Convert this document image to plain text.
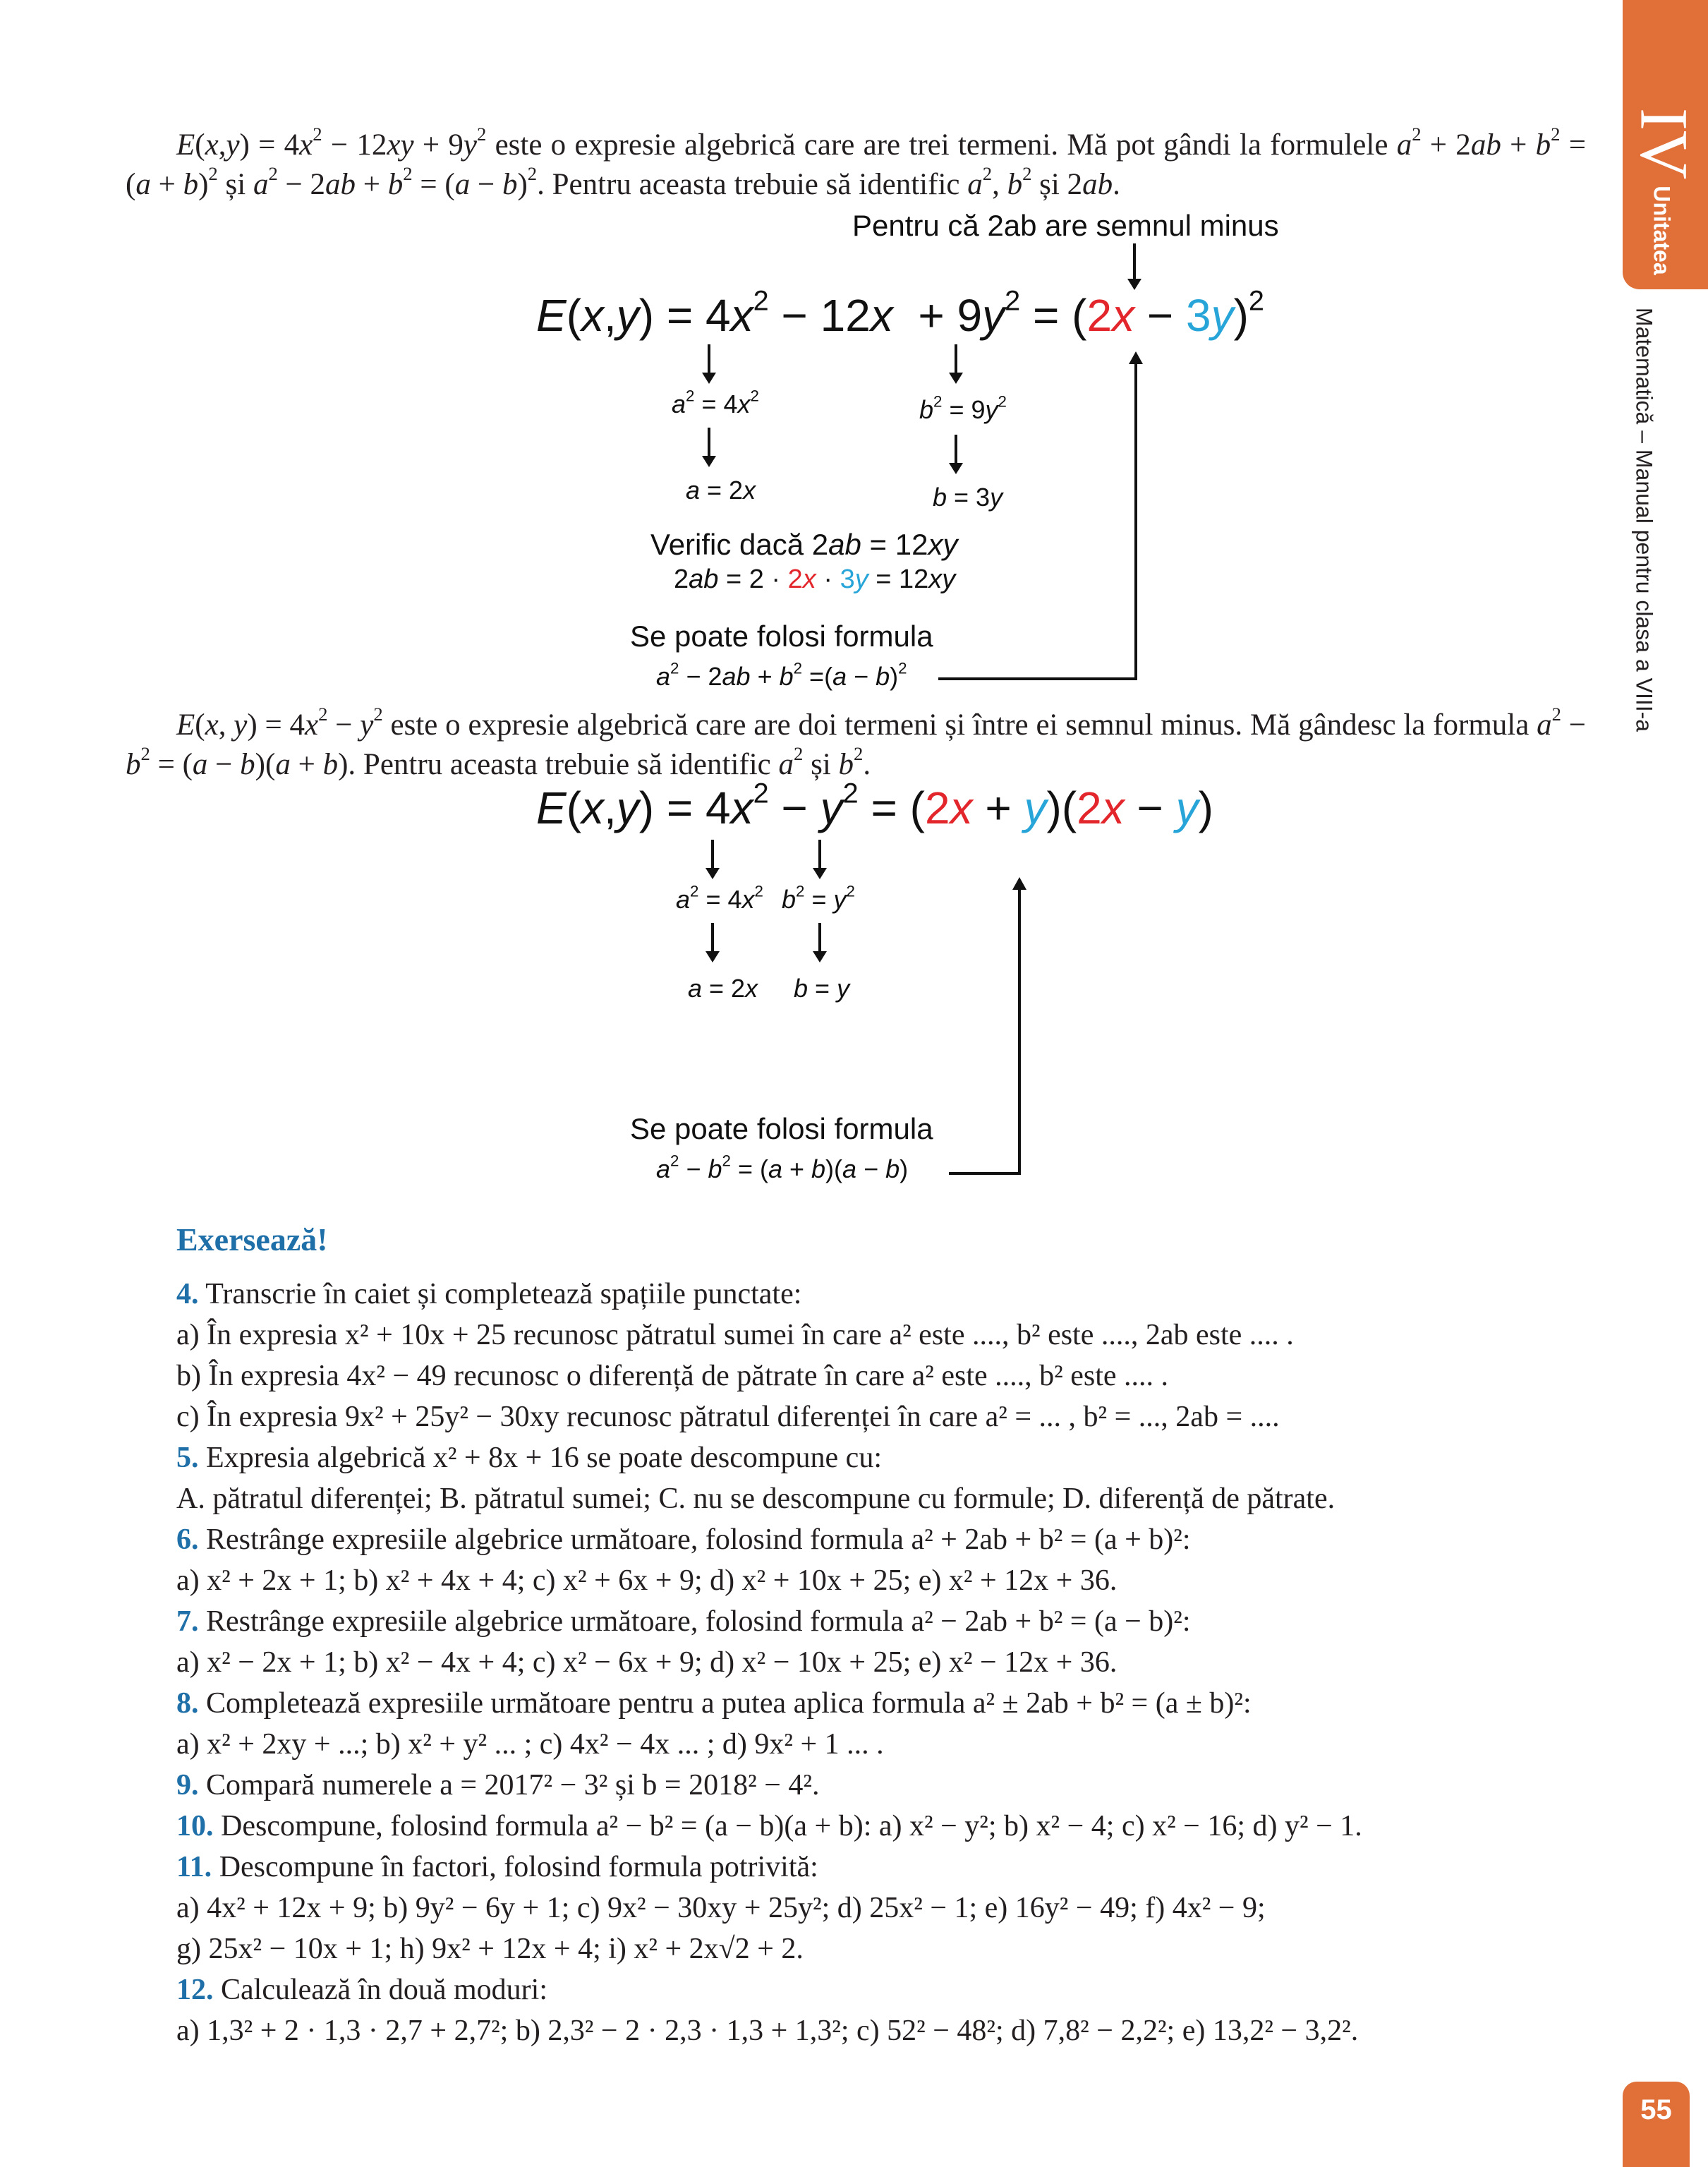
IV
Unitatea
Matematică – Manual pentru clasa a VIII-a
55
$E(x,y) = 4x^2 - 12xy + 9y^2$ este o expresie algebrică care are trei termeni. Mă pot gândi la formulele $a^2 + 2ab + b^2 = (a + b)^2$ și $a^2 - 2ab + b^2 = (a - b)^2$. Pentru aceasta trebuie să identific $a^2$, $b^2$ și 2ab.
Pentru că 2ab are semnul minus
$E(x,y) = 4x^2 - 12x + 9y^2 = (2x - 3y)^2$
$a^2 = 4x^2$	$b^2 = 9y^2$
a = 2x	b = 3y
Verific dacă 2ab = 12xy
2ab = 2 · 2x · 3y = 12xy
Se poate folosi formula
$a^2 - 2ab + b^2 =(a - b)^2$
E(x, $y) = 4x^2 - y^2$ este o expresie algebrică care are doi termeni și între ei semnul minus. Mă gândesc la formula $a^2 - b^2 = (a - b)(a + b)$. Pentru aceasta trebuie să identific $a^2$ și $b^2$.
$E(x,y) = 4x^2 - y^2 = (2x + y)(2x - y)$
$a^2 = 4x^2$ $b^2 = y^2$
a = 2x b = y
Se poate folosi formula
$a^2 - b^2 = (a + b)(a - b)$
Exersează!
4. Transcrie în caiet și completează spațiile punctate:
a) În expresia x² + 10x + 25 recunosc pătratul sumei în care a² este ...., b² este ...., 2ab este .... .
b) În expresia 4x² − 49 recunosc o diferență de pătrate în care a² este ...., b² este .... .
c) În expresia 9x² + 25y² − 30xy recunosc pătratul diferenței în care a² = ... , b² = ..., 2ab = ....
5. Expresia algebrică x² + 8x + 16 se poate descompune cu:
A. pătratul diferenței; B. pătratul sumei; C. nu se descompune cu formule; D. diferență de pătrate.
6. Restrânge expresiile algebrice următoare, folosind formula a² + 2ab + b² = (a + b)²:
a) x² + 2x + 1; b) x² + 4x + 4; c) x² + 6x + 9; d) x² + 10x + 25; e) x² + 12x + 36.
7. Restrânge expresiile algebrice următoare, folosind formula a² − 2ab + b² = (a − b)²:
a) x² − 2x + 1; b) x² − 4x + 4; c) x² − 6x + 9; d) x² − 10x + 25; e) x² − 12x + 36.
8. Completează expresiile următoare pentru a putea aplica formula a² ± 2ab + b² = (a ± b)²:
a) x² + 2xy + ...; b) x² + y² ... ; c) 4x² − 4x ... ; d) 9x² + 1 ... .
9. Compară numerele a = 2017² − 3² și b = 2018² − 4².
10. Descompune, folosind formula a² − b² = (a − b)(a + b): a) x² − y²; b) x² − 4; c) x² − 16; d) y² − 1.
11. Descompune în factori, folosind formula potrivită:
a) 4x² + 12x + 9; b) 9y² − 6y + 1; c) 9x² − 30xy + 25y²; d) 25x² − 1; e) 16y² − 49; f) 4x² − 9;
g) 25x² − 10x + 1; h) 9x² + 12x + 4; i) x² + 2x√2 + 2.
12. Calculează în două moduri:
a) 1,3² + 2 · 1,3 · 2,7 + 2,7²; b) 2,3² − 2 · 2,3 · 1,3 + 1,3²; c) 52² − 48²; d) 7,8² − 2,2²; e) 13,2² − 3,2².
